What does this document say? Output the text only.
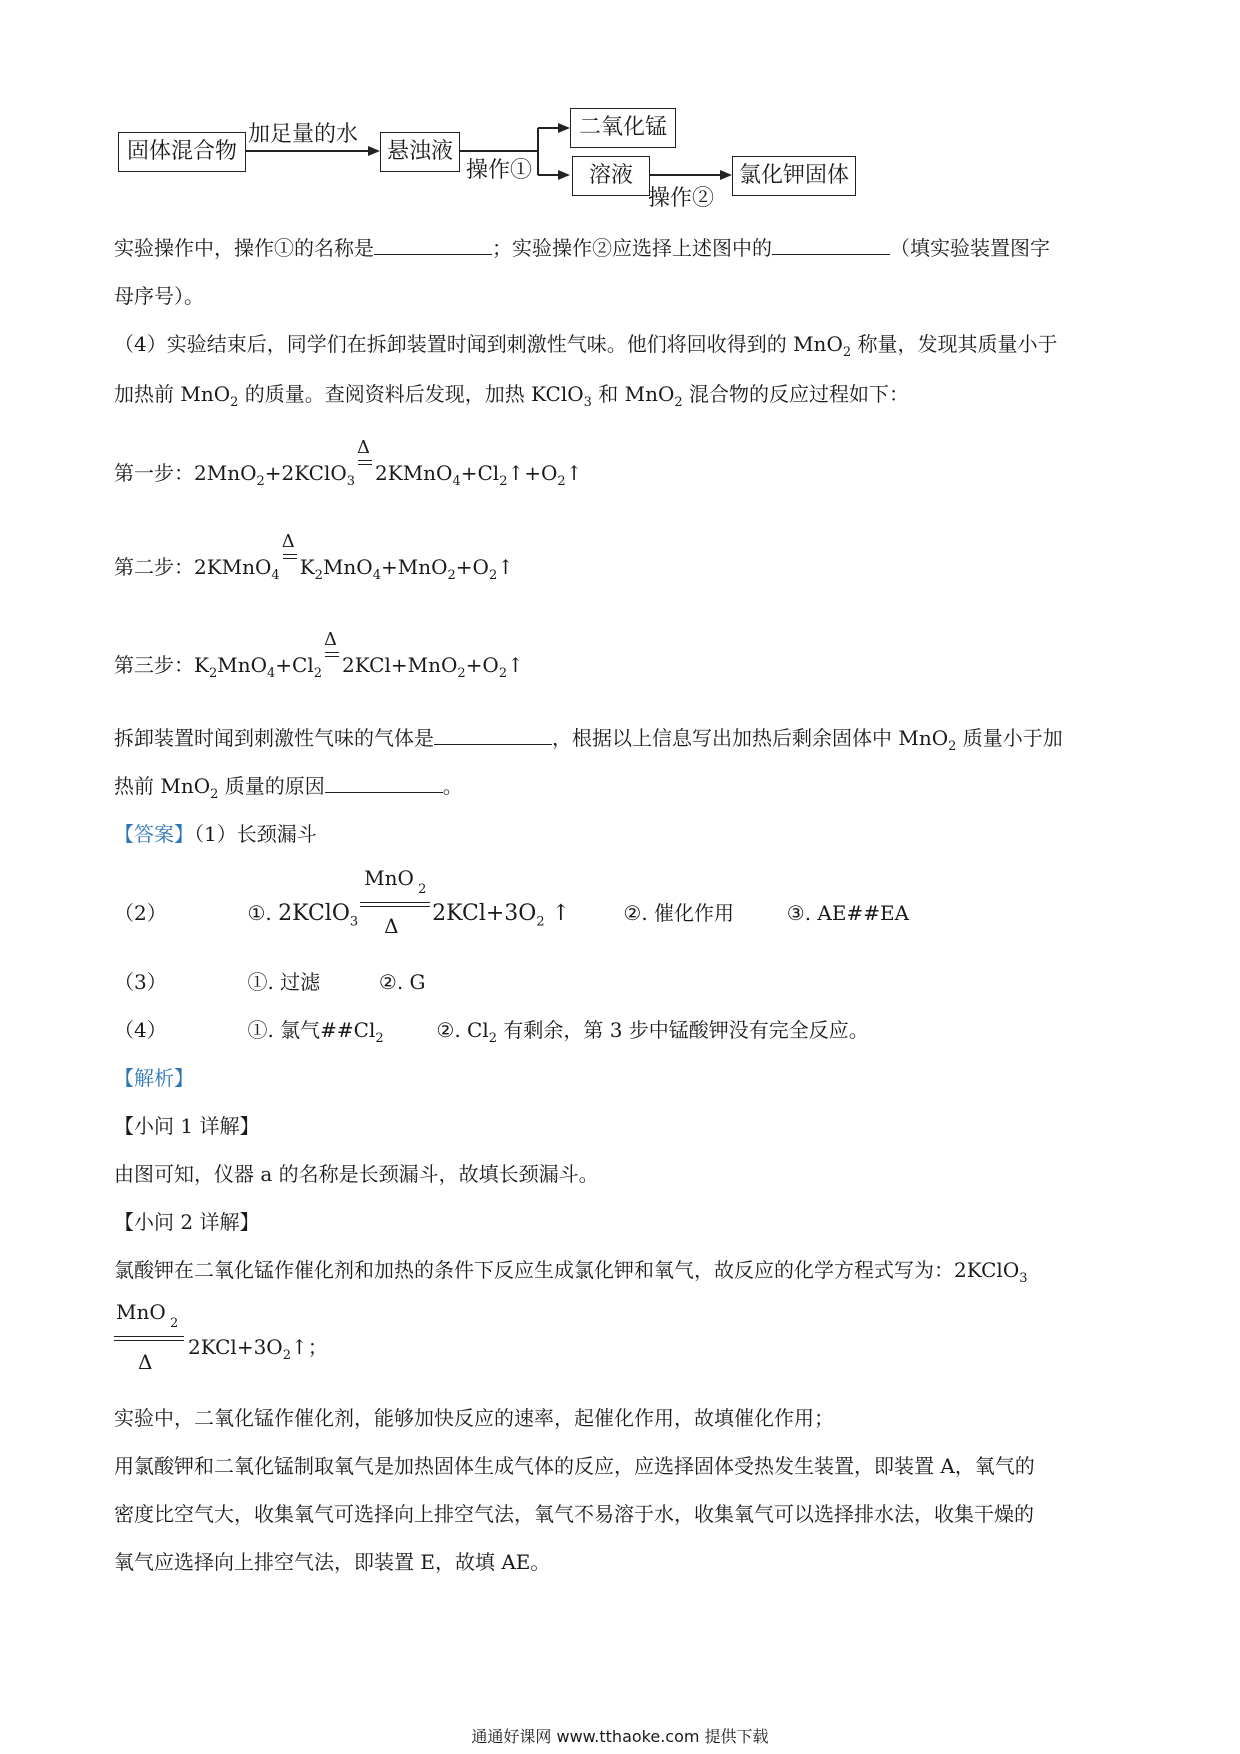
固体混合物
加足量的水
悬浊液
操作①
二氧化锰
溶液
操作②
氯化钾固体
实验操作中，操作①的名称是	；实验操作②应选择上述图中的	（填实验装置图字
母序号）。
（4）实验结束后，同学们在拆卸装置时闻到刺激性气味。他们将回收得到的 MnO$_2$ 称量，发现其质量小于
加热前 MnO$_2$ 的质量。查阅资料后发现，加热 KClO$_3$ 和 MnO$_2$ 混合物的反应过程如下：
第一步：2MnO$_2$+2KClO$_3$
Δ
$2KMnO_4+Cl_2↑+O_2↑$
第二步：2KMnO$_4$
Δ
$K_2MnO_4+MnO_2+O_2↑$
第三步：$K_2MnO_4+Cl_2$
Δ
$2KCl+MnO_2+O_2↑$
拆卸装置时闻到刺激性气味的气体是	，根据以上信息写出加热后剩余固体中 MnO$_2$ 质量小于加
热前 MnO$_2$ 质量的原因	。
【答案】（1）长颈漏斗
（2）	①. 2KClO$_3$
MnO 2
Δ $2KCl+3O_2$ ↑  ②. 催化作用	③. AE##EA
（3）	①. 过滤	②. G
（4）	①. 氯气$\#\#Cl_2$	②. $Cl_2$ 有剩余，第 3 步中锰酸钾没有完全反应。
【解析】
【小问 1 详解】
由图可知，仪器 a 的名称是长颈漏斗，故填长颈漏斗。
【小问 2 详解】
氯酸钾在二氧化锰作催化剂和加热的条件下反应生成氯化钾和氧气，故反应的化学方程式写为：2KClO$_3$
MnO 2
Δ
$2KCl+3O_2↑$；
实验中，二氧化锰作催化剂，能够加快反应的速率，起催化作用，故填催化作用；
用氯酸钾和二氧化锰制取氧气是加热固体生成气体的反应，应选择固体受热发生装置，即装置 A，氧气的
密度比空气大，收集氧气可选择向上排空气法，氧气不易溶于水，收集氧气可以选择排水法，收集干燥的
氧气应选择向上排空气法，即装置 E，故填 AE。
通通好课网 www.tthaoke.com 提供下载
